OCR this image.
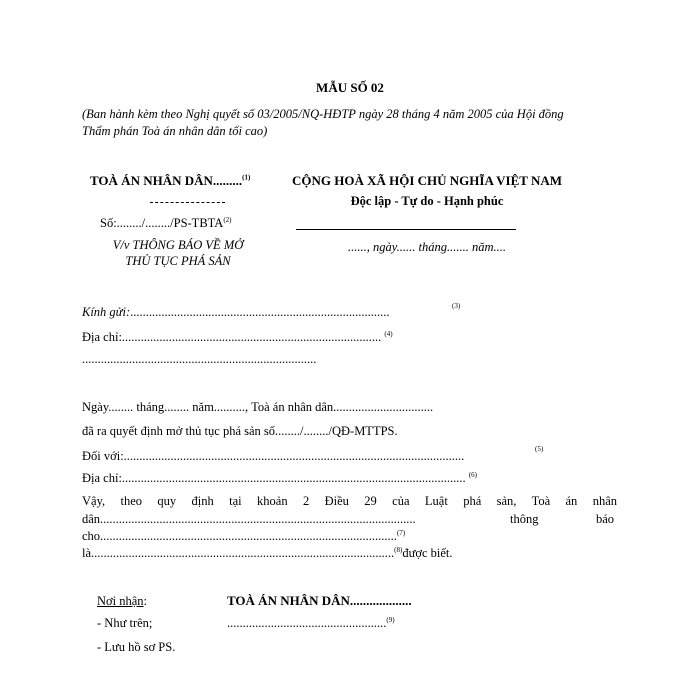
MẪU SỐ 02
(Ban hành kèm theo Nghị quyết số 03/2005/NQ-HĐTP ngày 28 tháng 4 năm 2005 của Hội đồng
Thẩm phán Toà án nhân dân tối cao)
TOÀ ÁN NHÂN DÂN.........$^{(1)}$
Số:......../......../PS-TBTA$^{(2)}$
V/v THÔNG BÁO VỀ MỞ
THỦ TỤC PHÁ SẢN
CỘNG HOÀ XÃ HỘI CHỦ NGHĨA VIỆT NAM
Độc lập - Tự do - Hạnh phúc
......, ngày...... tháng....... năm....
Kính gửi:...................................................................................	(3)
Địa chỉ:................................................................................... $^{(4)}$
...........................................................................
Ngày........ tháng........ năm.........., Toà án nhân dân................................
đã ra quyết định mở thủ tục phá sản số......../......../QĐ-MTTPS.
Đối với:.............................................................................................................	(5)
Địa chỉ:.............................................................................................................. $^{(6)}$
Vậy, theo quy định tại khoản 2 Điều 29 của Luật phá sản, Toà án nhân
dân.....................................................................................................	thông	báo
cho...............................................................................................$^{(7)}$
là.................................................................................................$^{(8)}$được biết.
Nơi nhận:
- Như trên;
- Lưu hồ sơ PS.
TOÀ ÁN NHÂN DÂN...................
...................................................$^{(9)}$
